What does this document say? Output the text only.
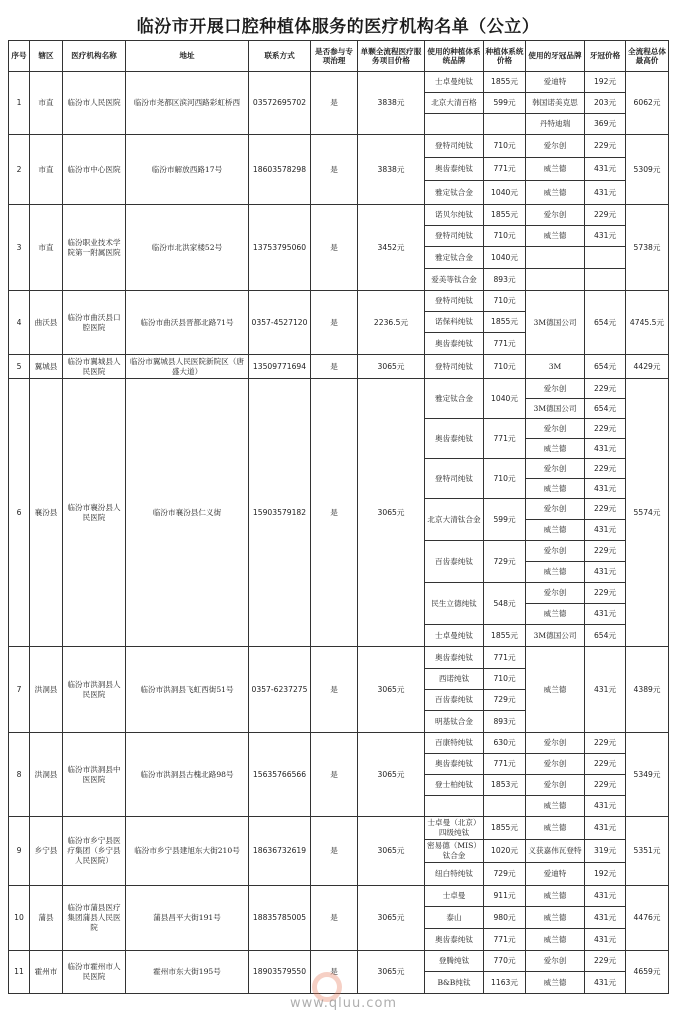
临汾市开展口腔种植体服务的医疗机构名单（公立）
序号	辖区	医疗机构名称	地址	联系方式	是否参与专项治理	单颗全流程医疗服务项目价格	使用的种植体系统品牌	种植体系统价格	使用的牙冠品牌	牙冠价格	全流程总体最高价
1	市直	临汾市人民医院	临汾市尧都区滨河西路彩虹桥西	03572695702	是	3838元	士卓曼纯钛	1855元	爱迪特	192元	6062元
							北京大清百格	599元	韩国诺美克思	203元	
									丹特迪瑞	369元	
2	市直	临汾市中心医院	临汾市解放西路17号	18603578298	是	3838元	登特司纯钛	710元	爱尔创	229元	5309元
							奥齿泰纯钛	771元	威兰德	431元	
							雅定钛合金	1040元	威兰德	431元	
3	市直	临汾职业技术学院第一附属医院	临汾市北洪家楼52号	13753795060	是	3452元	诺贝尔纯钛	1855元	爱尔创	229元	5738元
							登特司纯钛	710元	威兰德	431元	
							雅定钛合金	1040元			
							爱美等钛合金	893元			
4	曲沃县	临汾市曲沃县口腔医院	临汾市曲沃县晋都北路71号	0357-4527120	是	2236.5元	登特司纯钛	710元	3M德国公司	654元	4745.5元
							诺保科纯钛	1855元			
							奥齿泰纯钛	771元			
5	翼城县	临汾市翼城县人民医院	临汾市翼城县人民医院新院区（唐盛大道）	13509771694	是	3065元	登特司纯钛	710元	3M	654元	4429元
6	襄汾县	临汾市襄汾县人民医院	临汾市襄汾县仁义街	15903579182	是	3065元	雅定钛合金	1040元	爱尔创	229元	5574元
									3M德国公司	654元	
							奥齿泰纯钛	771元	爱尔创	229元	
									威兰德	431元	
							登特司纯钛	710元	爱尔创	229元	
									威兰德	431元	
							北京大清钛合金	599元	爱尔创	229元	
									威兰德	431元	
							百齿泰纯钛	729元	爱尔创	229元	
									威兰德	431元	
							民生立德纯钛	548元	爱尔创	229元	
									威兰德	431元	
							士卓曼纯钛	1855元	3M德国公司	654元	
7	洪洞县	临汾市洪洞县人民医院	临汾市洪洞县飞虹西街51号	0357-6237275	是	3065元	奥齿泰纯钛	771元	威兰德	431元	4389元
							西诺纯钛	710元			
							百齿泰纯钛	729元			
							明基钛合金	893元			
8	洪洞县	临汾市洪洞县中医医院	临汾市洪洞县古槐北路98号	15635766566	是	3065元	百康特纯钛	630元	爱尔创	229元	5349元
							奥齿泰纯钛	771元	爱尔创	229元	
							登士柏纯钛	1853元	爱尔创	229元	
									威兰德	431元	
9	乡宁县	临汾市乡宁县医疗集团（乡宁县人民医院）	临汾市乡宁县建旭东大街210号	18636732619	是	3065元	士卓曼（北京）四级纯钛	1855元	威兰德	431元	5351元
							密易德（MIS）钛合金	1020元	义获嘉伟瓦登特	319元	
							纽白特纯钛	729元	爱迪特	192元	
10	蒲县	临汾市蒲县医疗集团蒲县人民医院	蒲县昌平大街191号	18835785005	是	3065元	士卓曼	911元	威兰德	431元	4476元
							泰山	980元	威兰德	431元	
							奥齿泰纯钛	771元	威兰德	431元	
11	霍州市	临汾市霍州市人民医院	霍州市东大街195号	18903579550	是	3065元	登腾纯钛	770元	爱尔创	229元	4659元
							B&B纯钛	1163元	威兰德	431元	
www.qluu.com
